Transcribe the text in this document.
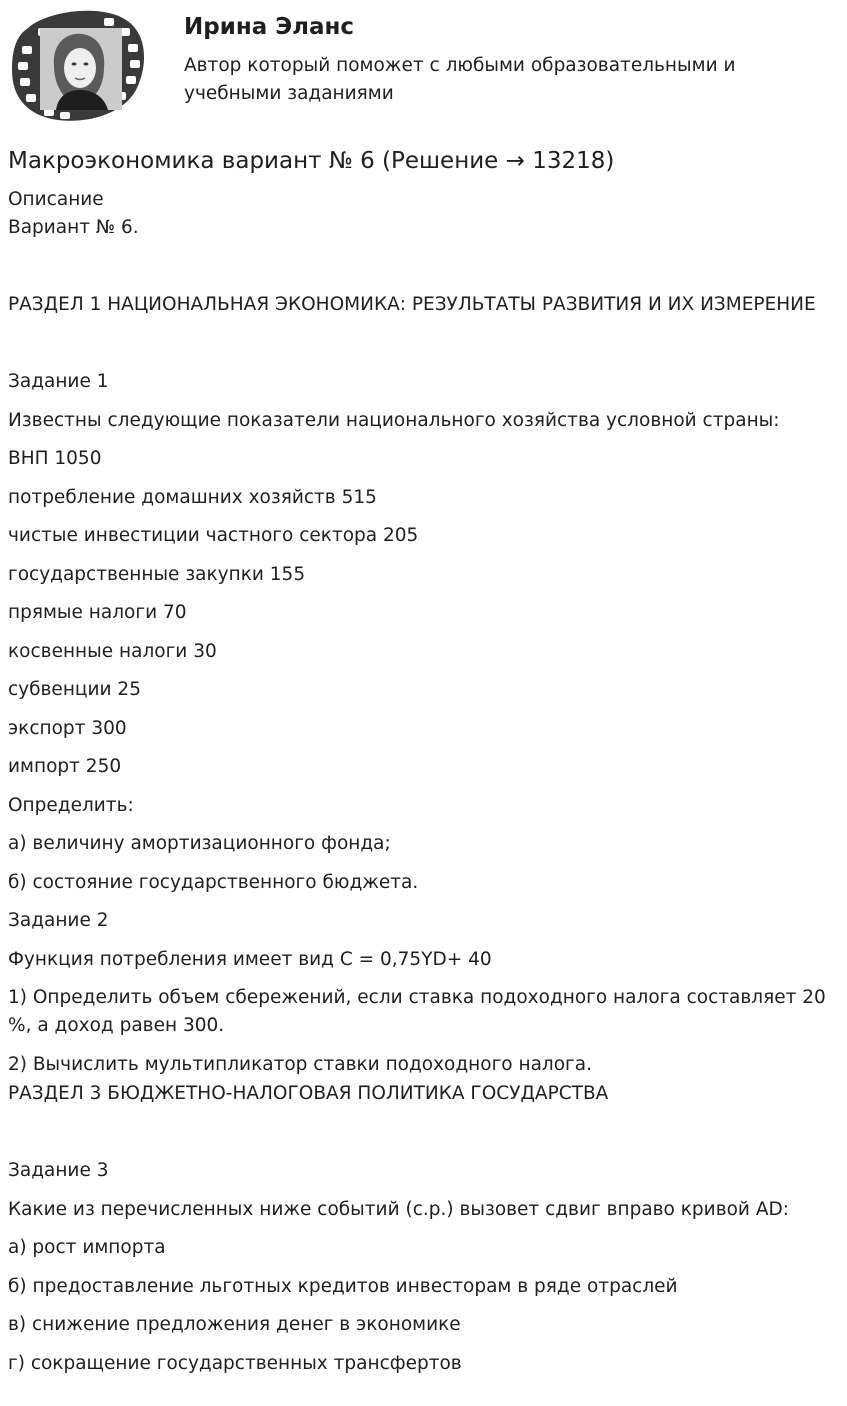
Ирина Эланс
Автор который поможет с любыми образовательными и учебными заданиями
Макроэкономика вариант № 6 (Решение → 13218)

Описание

Вариант № 6.

РАЗДЕЛ 1 НАЦИОНАЛЬНАЯ ЭКОНОМИКА: РЕЗУЛЬТАТЫ РАЗВИТИЯ И ИХ ИЗМЕРЕНИЕ

Задание 1

Известны следующие показатели национального хозяйства условной страны:

ВНП 1050

потребление домашних хозяйств 515

чистые инвестиции частного сектора 205

государственные закупки 155

прямые налоги 70

косвенные налоги 30

субвенции 25

экспорт 300

импорт 250

Определить:

а) величину амортизационного фонда;

б) состояние государственного бюджета.

Задание 2

Функция потребления имеет вид C = 0,75YD+ 40

1) Определить объем сбережений, если ставка подоходного налога составляет 20 %, а доход равен 300.

2) Вычислить мультипликатор ставки подоходного налога.

РАЗДЕЛ 3 БЮДЖЕТНО-НАЛОГОВАЯ ПОЛИТИКА ГОСУДАРСТВА

Задание 3

Какие из перечисленных ниже событий (с.р.) вызовет сдвиг вправо кривой AD:

а) рост импорта

б) предоставление льготных кредитов инвесторам в ряде отраслей

в) снижение предложения денег в экономике

г) сокращение государственных трансфертов
